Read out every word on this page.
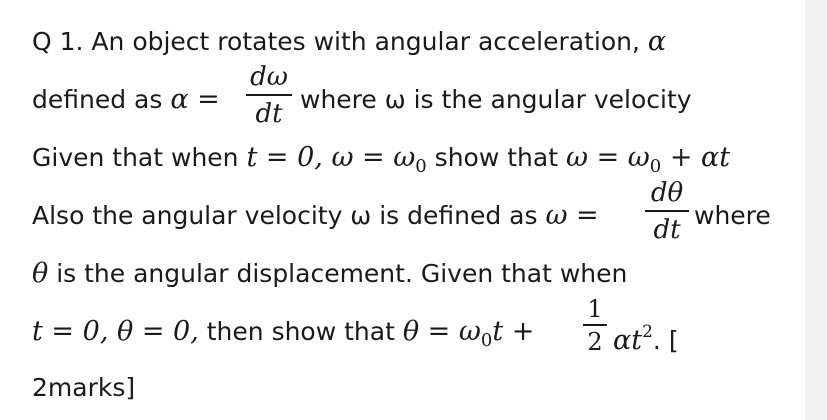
Q 1. An object rotates with angular acceleration, α
defined as α =
dω
dt where ω is the angular velocity
Given that when t = 0, $\omega = \omega_0$ show that $\omega = \omega_0 + \alpha t$
Also the angular velocity ω is defined as ω =
dθ
dt where
θ is the angular displacement. Given that when
t = 0, θ = 0, then show that $\theta = \omega_0t$ +
1
2 $\alpha t^2$. [
2marks]
